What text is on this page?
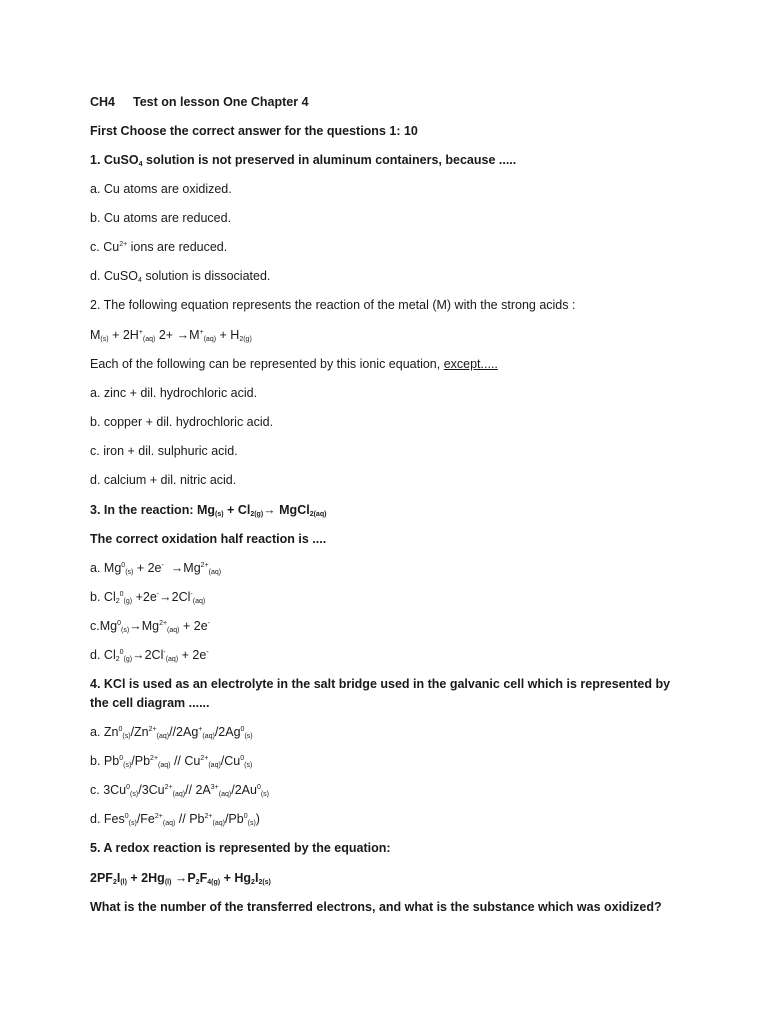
CH4 Test on lesson One Chapter 4
First Choose the correct answer for the questions 1: 10
1. CuSO$_4$ solution is not preserved in aluminum containers, because .....
a. Cu atoms are oxidized.
b. Cu atoms are reduced.
c. $Cu^{2+}$ ions are reduced.
d. CuSO$_4$ solution is dissociated.
2. The following equation represents the reaction of the metal (M) with the strong acids :
$M_{(s)} + 2H^+_{(aq)}$ $2+ \to M^+_{(aq)} + H_{2(g)}$
Each of the following can be represented by this ionic equation, except.....
a. zinc + dil. hydrochloric acid.
b. copper + dil. hydrochloric acid.
c. iron + dil. sulphuric acid.
d. calcium + dil. nitric acid.
3. In the reaction: $Mg_{(s)} + Cl_{2(g)}\to$ MgCl$_{2(aq)}$
The correct oxidation half reaction is ....
a. $Mg^0_{(s)} + 2e^- \to Mg^{2+}_{(aq)}$
b. $Cl_2^0_{(g)} +2e^-\to 2Cl^-_{(aq)}$
$c.Mg^0_{(s)}\to Mg^{2+}_{(aq)} + 2e^-$
d. $Cl_2^0_{(g)}\to 2Cl^-_{(aq)} + 2e^-$
4. KCl is used as an electrolyte in the salt bridge used in the galvanic cell which is represented by the cell diagram ......
a. $Zn^0_{(s)}/Zn^{2+}_{(aq)}//2Ag^+_{(aq)}/2Ag^0_{(s)}$
b. $Pb^0_{(s)}/Pb^{2+}_{(aq)} // Cu^{2+}_{(aq)}/Cu^0_{(s)}$
c. $3Cu^0_{(s)}/3Cu^{2+}_{(aq)}//$ $2A^{3+}_{(aq)}/2Au^0_{(s)}$
d. $Fes^0_{(s)}/Fe^{2+}_{(aq)} // Pb^{2+}_{(aq)}/Pb^0_{(s)}$)
5. A redox reaction is represented by the equation:
$2PF_2I_{(l)} + 2Hg_{(l)} \to P_2F_{4(g)} + Hg_2I_{2(s)}$
What is the number of the transferred electrons, and what is the substance which was oxidized?
